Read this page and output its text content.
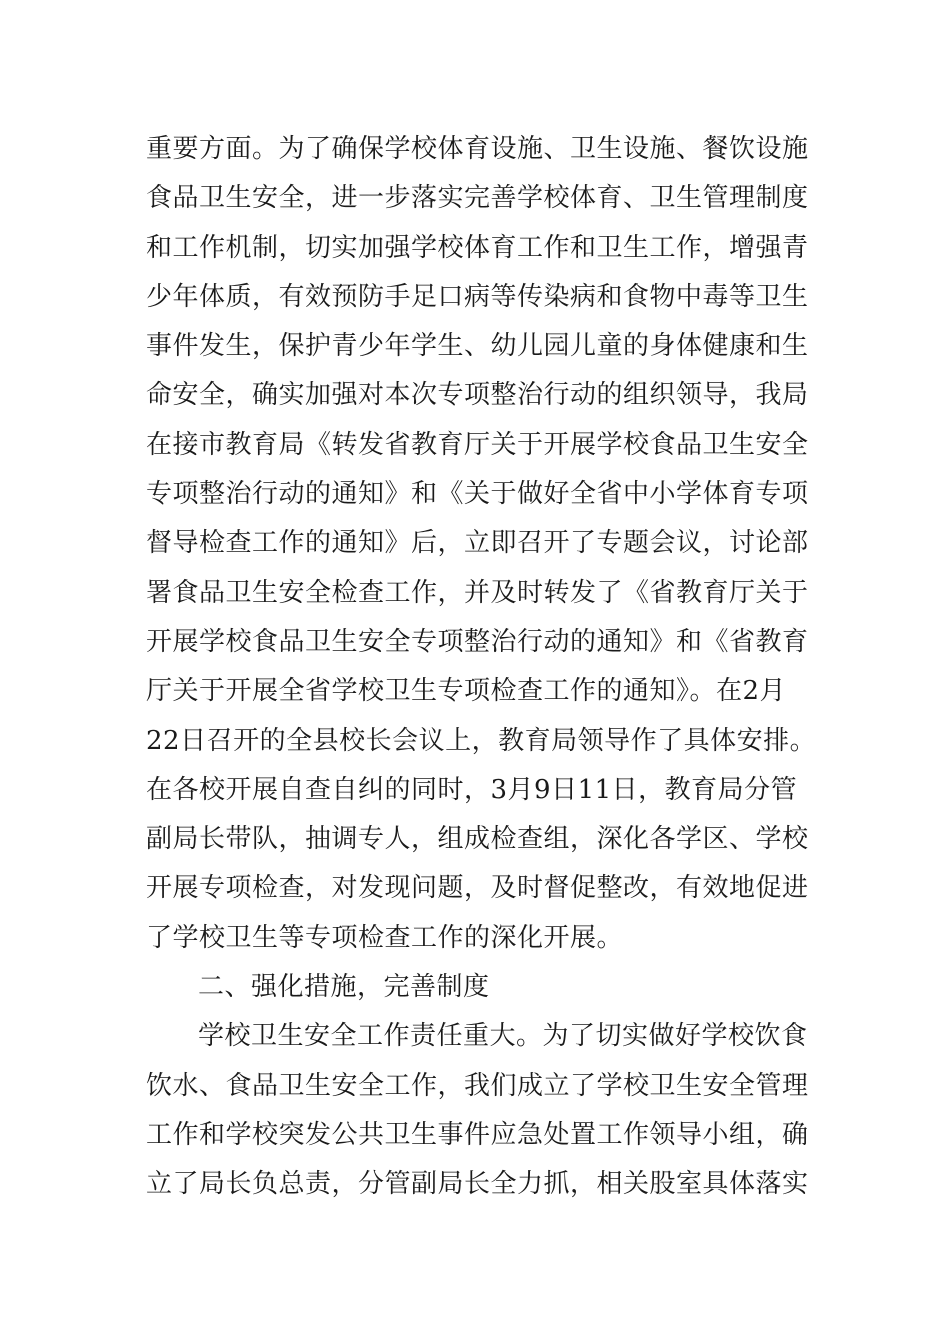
重要方面。为了确保学校体育设施、卫生设施、餐饮设施
食品卫生安全，进一步落实完善学校体育、卫生管理制度
和工作机制，切实加强学校体育工作和卫生工作，增强青
少年体质，有效预防手足口病等传染病和食物中毒等卫生
事件发生，保护青少年学生、幼儿园儿童的身体健康和生
命安全，确实加强对本次专项整治行动的组织领导，我局
在接市教育局《转发省教育厅关于开展学校食品卫生安全
专项整治行动的通知》和《关于做好全省中小学体育专项
督导检查工作的通知》后，立即召开了专题会议，讨论部
署食品卫生安全检查工作，并及时转发了《省教育厅关于
开展学校食品卫生安全专项整治行动的通知》和《省教育
厅关于开展全省学校卫生专项检查工作的通知》。在2月
22日召开的全县校长会议上，教育局领导作了具体安排。
在各校开展自查自纠的同时，3月9日11日，教育局分管
副局长带队，抽调专人，组成检查组，深化各学区、学校
开展专项检查，对发现问题，及时督促整改，有效地促进
了学校卫生等专项检查工作的深化开展。
二、强化措施，完善制度
学校卫生安全工作责任重大。为了切实做好学校饮食
饮水、食品卫生安全工作，我们成立了学校卫生安全管理
工作和学校突发公共卫生事件应急处置工作领导小组，确
立了局长负总责，分管副局长全力抓，相关股室具体落实
